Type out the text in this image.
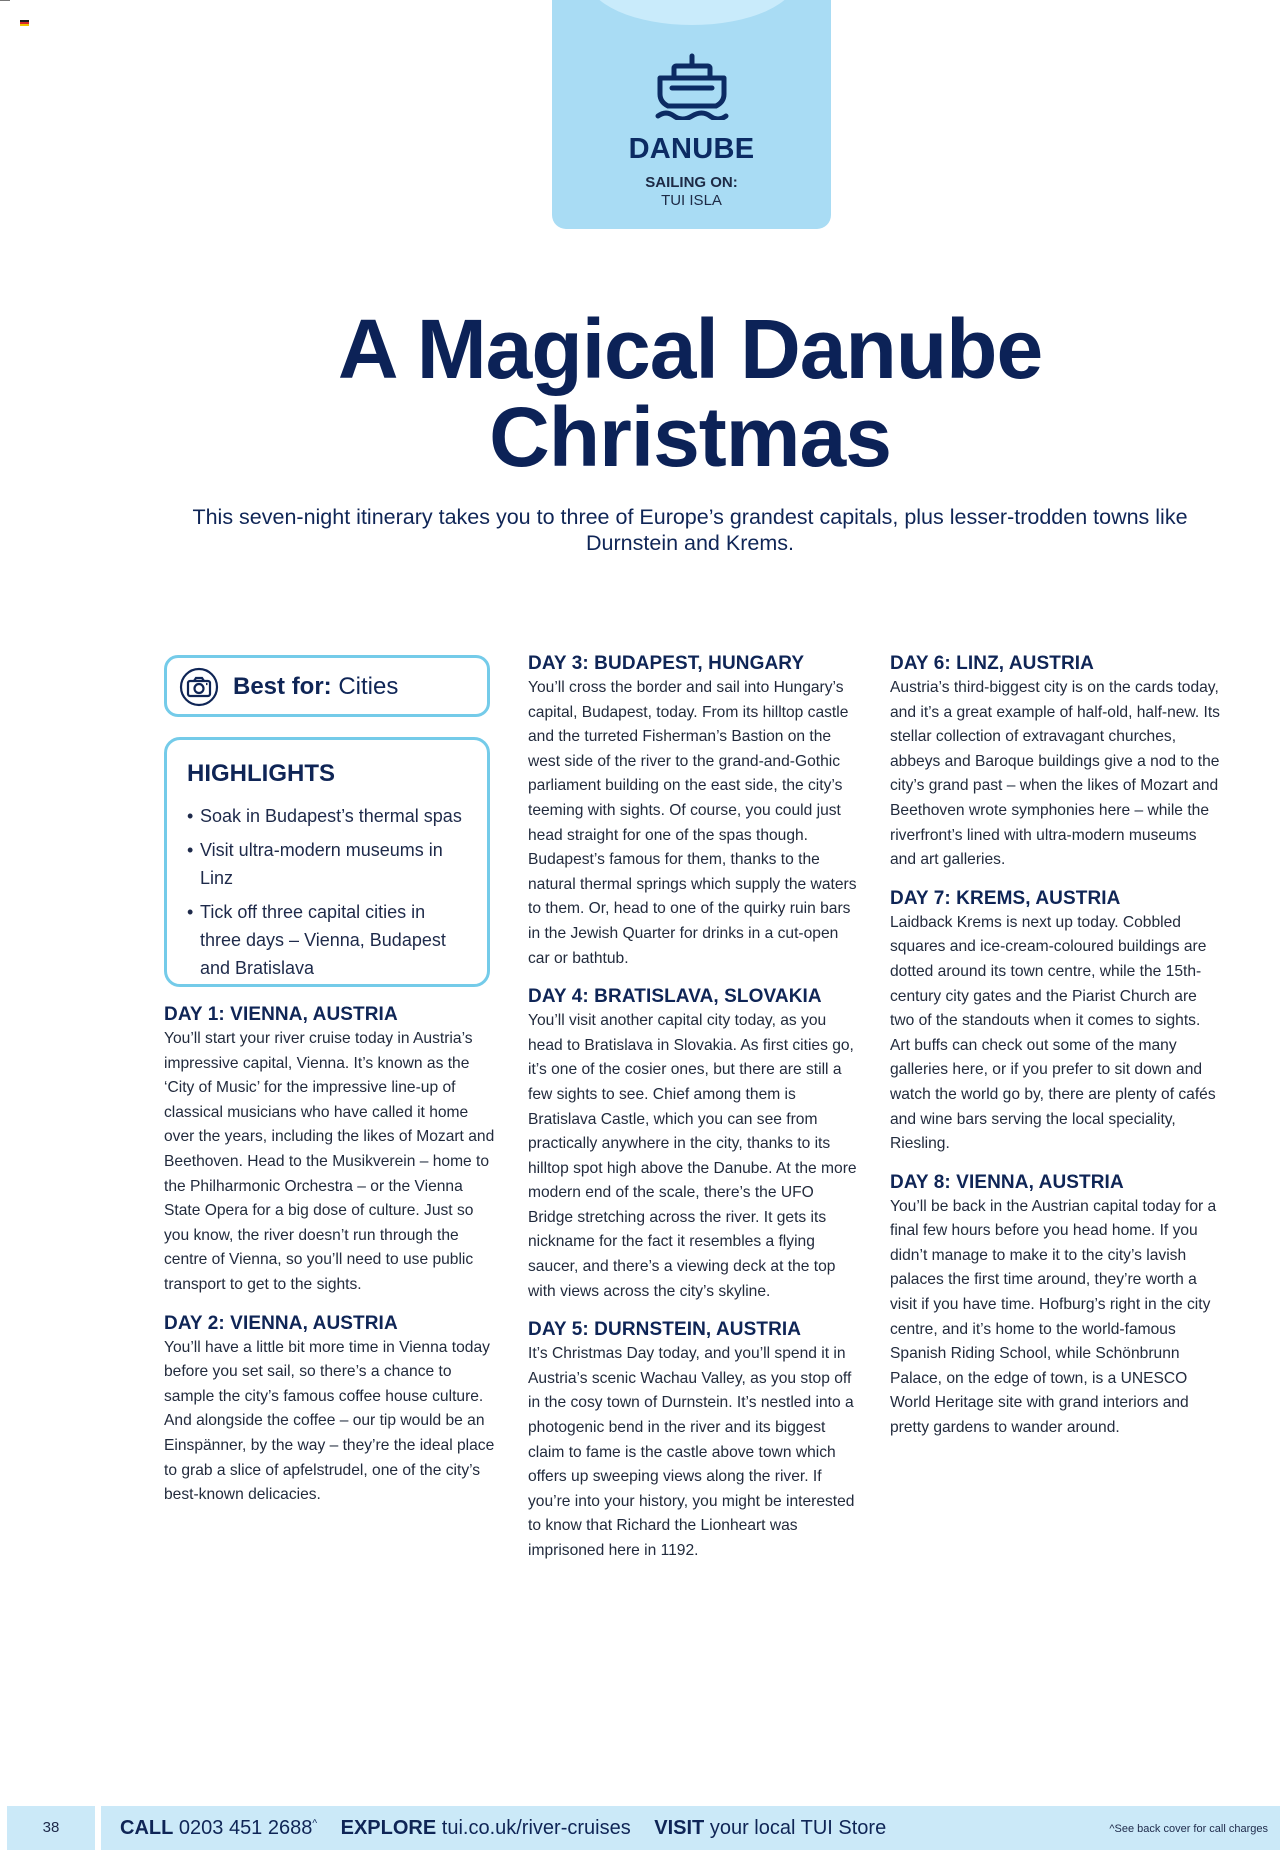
DANUBE
SAILING ON:
TUI ISLA
A Magical Danube Christmas

This seven-night itinerary takes you to three of Europe’s grandest capitals, plus lesser-trodden towns like Durnstein and Krems.

Best for: Cities
HIGHLIGHTS
• Soak in Budapest’s thermal spas
• Visit ultra-modern museums in Linz
• Tick off three capital cities in three days – Vienna, Budapest and Bratislava
DAY 1: VIENNA, AUSTRIA

You’ll start your river cruise today in Austria’s impressive capital, Vienna. It’s known as the ‘City of Music’ for the impressive line-up of classical musicians who have called it home over the years, including the likes of Mozart and Beethoven. Head to the Musikverein – home to the Philharmonic Orchestra – or the Vienna State Opera for a big dose of culture. Just so you know, the river doesn’t run through the centre of Vienna, so you’ll need to use public transport to get to the sights.

DAY 2: VIENNA, AUSTRIA

You’ll have a little bit more time in Vienna today before you set sail, so there’s a chance to sample the city’s famous coffee house culture. And alongside the coffee – our tip would be an Einspänner, by the way – they’re the ideal place to grab a slice of apfelstrudel, one of the city’s best-known delicacies.

DAY 3: BUDAPEST, HUNGARY

You’ll cross the border and sail into Hungary’s capital, Budapest, today. From its hilltop castle and the turreted Fisherman’s Bastion on the west side of the river to the grand-and-Gothic parliament building on the east side, the city’s teeming with sights. Of course, you could just head straight for one of the spas though. Budapest’s famous for them, thanks to the natural thermal springs which supply the waters to them. Or, head to one of the quirky ruin bars in the Jewish Quarter for drinks in a cut-open car or bathtub.

DAY 4: BRATISLAVA, SLOVAKIA

You’ll visit another capital city today, as you head to Bratislava in Slovakia. As first cities go, it’s one of the cosier ones, but there are still a few sights to see. Chief among them is Bratislava Castle, which you can see from practically anywhere in the city, thanks to its hilltop spot high above the Danube. At the more modern end of the scale, there’s the UFO Bridge stretching across the river. It gets its nickname for the fact it resembles a flying saucer, and there’s a viewing deck at the top with views across the city’s skyline.

DAY 5: DURNSTEIN, AUSTRIA

It’s Christmas Day today, and you’ll spend it in Austria’s scenic Wachau Valley, as you stop off in the cosy town of Durnstein. It’s nestled into a photogenic bend in the river and its biggest claim to fame is the castle above town which offers up sweeping views along the river. If you’re into your history, you might be interested to know that Richard the Lionheart was imprisoned here in 1192.

DAY 6: LINZ, AUSTRIA

Austria’s third-biggest city is on the cards today, and it’s a great example of half-old, half-new. Its stellar collection of extravagant churches, abbeys and Baroque buildings give a nod to the city’s grand past – when the likes of Mozart and Beethoven wrote symphonies here – while the riverfront’s lined with ultra-modern museums and art galleries.

DAY 7: KREMS, AUSTRIA

Laidback Krems is next up today. Cobbled squares and ice-cream-coloured buildings are dotted around its town centre, while the 15th-century city gates and the Piarist Church are two of the standouts when it comes to sights. Art buffs can check out some of the many galleries here, or if you prefer to sit down and watch the world go by, there are plenty of cafés and wine bars serving the local speciality, Riesling.

DAY 8: VIENNA, AUSTRIA

You’ll be back in the Austrian capital today for a final few hours before you head home. If you didn’t manage to make it to the city’s lavish palaces the first time around, they’re worth a visit if you have time. Hofburg’s right in the city centre, and it’s home to the world-famous Spanish Riding School, while Schönbrunn Palace, on the edge of town, is a UNESCO World Heritage site with grand interiors and pretty gardens to wander around.

38	CALL 0203 451 2688^ EXPLORE tui.co.uk/river-cruises VISIT your local TUI Store	^See back cover for call charges
